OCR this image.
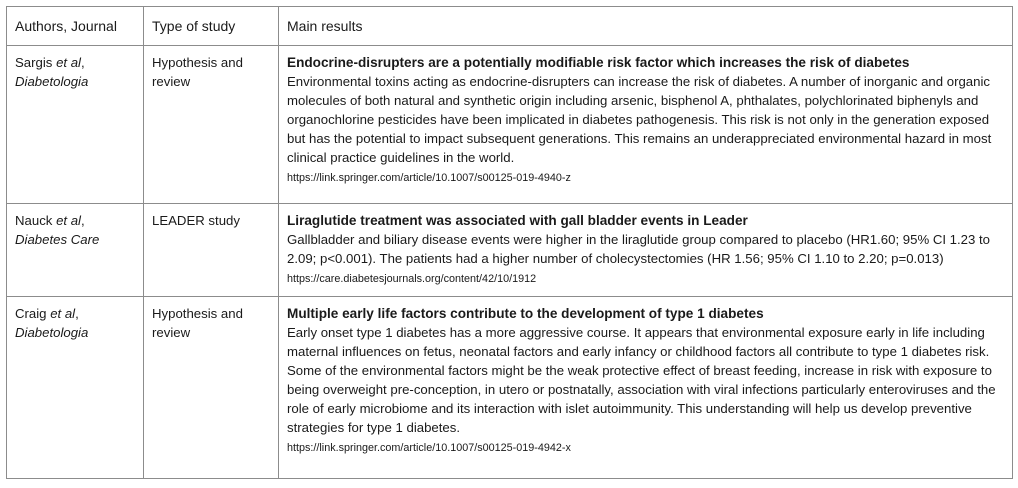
Authors, Journal	Type of study	Main results

Sargis et al,
Diabetologia	Hypothesis and review	Endocrine-disrupters are a potentially modifiable risk factor which increases the risk of diabetes
Environmental toxins acting as endocrine-disrupters can increase the risk of diabetes. A number of inorganic and organic molecules of both natural and synthetic origin including arsenic, bisphenol A, phthalates, polychlorinated biphenyls and organochlorine pesticides have been implicated in diabetes pathogenesis. This risk is not only in the generation exposed but has the potential to impact subsequent generations. This remains an underappreciated environmental hazard in most clinical practice guidelines in the world.
https://link.springer.com/article/10.1007/s00125-019-4940-z

Nauck et al,
Diabetes Care	LEADER study	Liraglutide treatment was associated with gall bladder events in Leader
Gallbladder and biliary disease events were higher in the liraglutide group compared to placebo (HR1.60; 95% CI 1.23 to 2.09; p<0.001). The patients had a higher number of cholecystectomies (HR 1.56; 95% CI 1.10 to 2.20; p=0.013)
https://care.diabetesjournals.org/content/42/10/1912

Craig et al,
Diabetologia	Hypothesis and review	Multiple early life factors contribute to the development of type 1 diabetes
Early onset type 1 diabetes has a more aggressive course. It appears that environmental exposure early in life including maternal influences on fetus, neonatal factors and early infancy or childhood factors all contribute to type 1 diabetes risk. Some of the environmental factors might be the weak protective effect of breast feeding, increase in risk with exposure to being overweight pre-conception, in utero or postnatally, association with viral infections particularly enteroviruses and the role of early microbiome and its interaction with islet autoimmunity. This understanding will help us develop preventive strategies for type 1 diabetes.
https://link.springer.com/article/10.1007/s00125-019-4942-x
